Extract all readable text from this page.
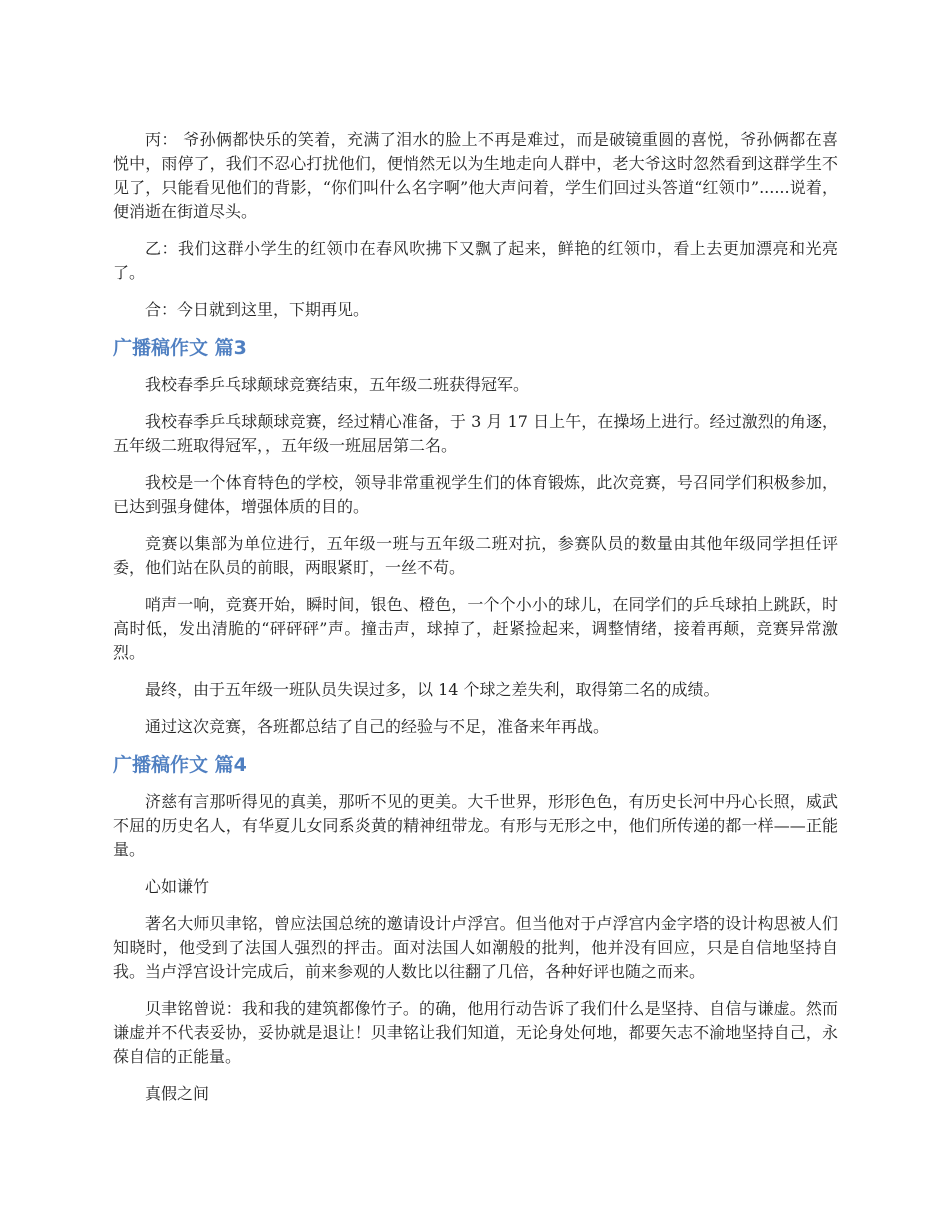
丙： 爷孙俩都快乐的笑着，充满了泪水的脸上不再是难过，而是破镜重圆的喜悦，爷孙俩都在喜悦中，雨停了，我们不忍心打扰他们，便悄然无以为生地走向人群中，老大爷这时忽然看到这群学生不见了，只能看见他们的背影，“你们叫什么名字啊”他大声问着，学生们回过头答道“红领巾”......说着，便消逝在街道尽头。

乙：我们这群小学生的红领巾在春风吹拂下又飘了起来，鲜艳的红领巾，看上去更加漂亮和光亮了。

合：今日就到这里，下期再见。

广播稿作文 篇3

我校春季乒乓球颠球竞赛结束，五年级二班获得冠军。

我校春季乒乓球颠球竞赛，经过精心准备，于 3 月 17 日上午，在操场上进行。经过激烈的角逐，五年级二班取得冠军，，五年级一班屈居第二名。

我校是一个体育特色的学校，领导非常重视学生们的体育锻炼，此次竞赛，号召同学们积极参加，已达到强身健体，增强体质的目的。

竞赛以集部为单位进行，五年级一班与五年级二班对抗，参赛队员的数量由其他年级同学担任评委，他们站在队员的前眼，两眼紧盯，一丝不苟。

哨声一响，竞赛开始，瞬时间，银色、橙色，一个个小小的球儿，在同学们的乒乓球拍上跳跃，时高时低，发出清脆的“砰砰砰”声。撞击声，球掉了，赶紧捡起来，调整情绪，接着再颠，竞赛异常激烈。

最终，由于五年级一班队员失误过多，以 14 个球之差失利，取得第二名的成绩。

通过这次竞赛，各班都总结了自己的经验与不足，准备来年再战。

广播稿作文 篇4

济慈有言那听得见的真美，那听不见的更美。大千世界，形形色色，有历史长河中丹心长照，威武不屈的历史名人，有华夏儿女同系炎黄的精神纽带龙。有形与无形之中，他们所传递的都一样——正能量。

心如谦竹

著名大师贝聿铭，曾应法国总统的邀请设计卢浮宫。但当他对于卢浮宫内金字塔的设计构思被人们知晓时，他受到了法国人强烈的抨击。面对法国人如潮般的批判，他并没有回应，只是自信地坚持自我。当卢浮宫设计完成后，前来参观的人数比以往翻了几倍，各种好评也随之而来。

贝聿铭曾说：我和我的建筑都像竹子。的确，他用行动告诉了我们什么是坚持、自信与谦虚。然而谦虚并不代表妥协，妥协就是退让！贝聿铭让我们知道，无论身处何地，都要矢志不渝地坚持自己，永葆自信的正能量。

真假之间
